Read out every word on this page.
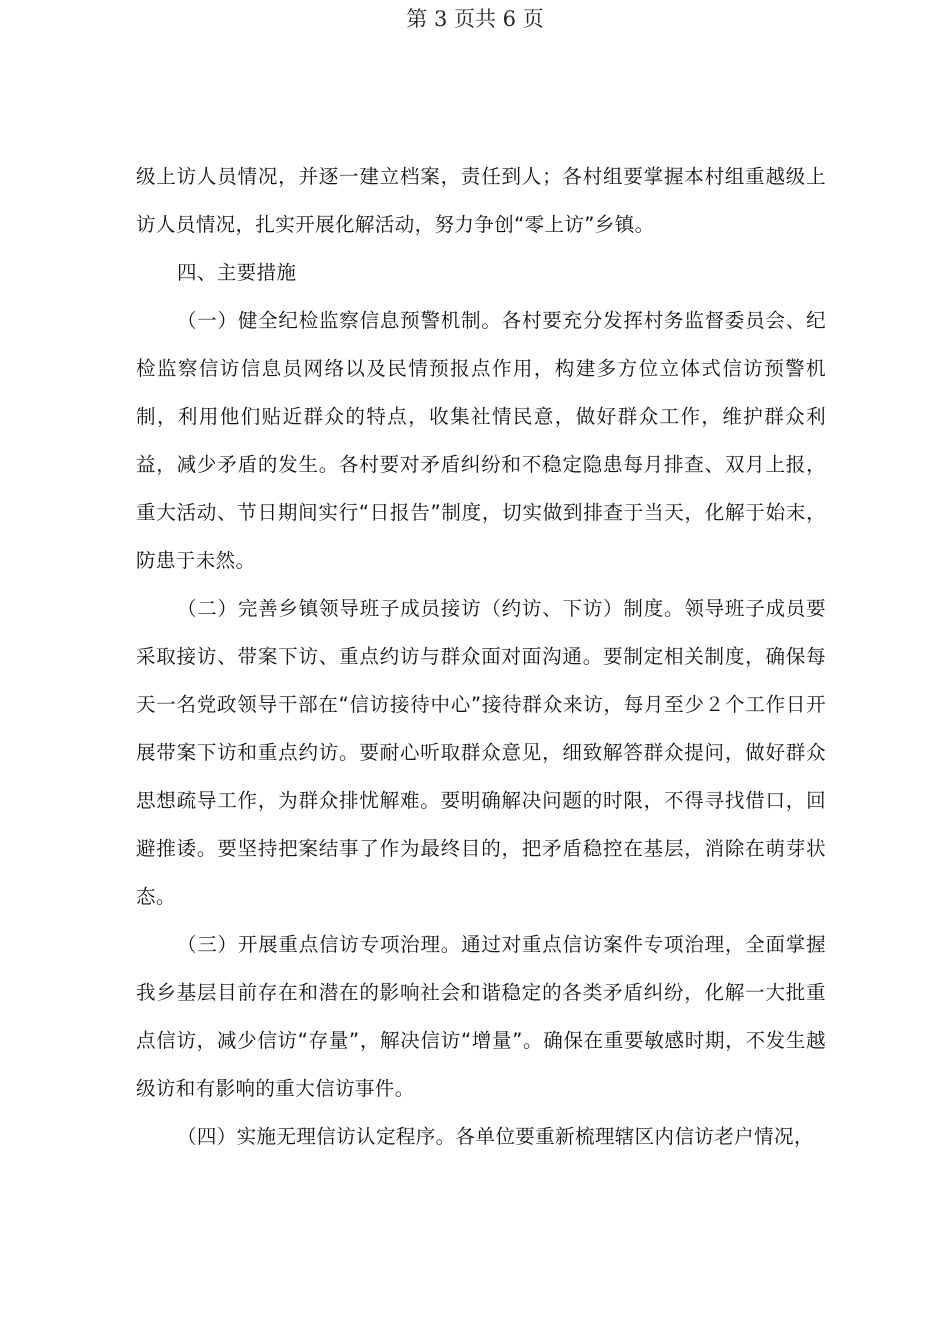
第 3 页共 6 页

级上访人员情况，并逐一建立档案，责任到人；各村组要掌握本村组重越级上访人员情况，扎实开展化解活动，努力争创“零上访”乡镇。

四、主要措施

（一）健全纪检监察信息预警机制。各村要充分发挥村务监督委员会、纪检监察信访信息员网络以及民情预报点作用，构建多方位立体式信访预警机制，利用他们贴近群众的特点，收集社情民意，做好群众工作，维护群众利益，减少矛盾的发生。各村要对矛盾纠纷和不稳定隐患每月排查、双月上报，重大活动、节日期间实行“日报告”制度，切实做到排查于当天，化解于始末，防患于未然。

（二）完善乡镇领导班子成员接访（约访、下访）制度。领导班子成员要采取接访、带案下访、重点约访与群众面对面沟通。要制定相关制度，确保每天一名党政领导干部在“信访接待中心”接待群众来访，每月至少２个工作日开展带案下访和重点约访。要耐心听取群众意见，细致解答群众提问，做好群众思想疏导工作，为群众排忧解难。要明确解决问题的时限，不得寻找借口，回避推诿。要坚持把案结事了作为最终目的，把矛盾稳控在基层，消除在萌芽状态。

（三）开展重点信访专项治理。通过对重点信访案件专项治理，全面掌握我乡基层目前存在和潜在的影响社会和谐稳定的各类矛盾纠纷，化解一大批重点信访，减少信访“存量”，解决信访“增量”。确保在重要敏感时期，不发生越级访和有影响的重大信访事件。

（四）实施无理信访认定程序。各单位要重新梳理辖区内信访老户情况，
